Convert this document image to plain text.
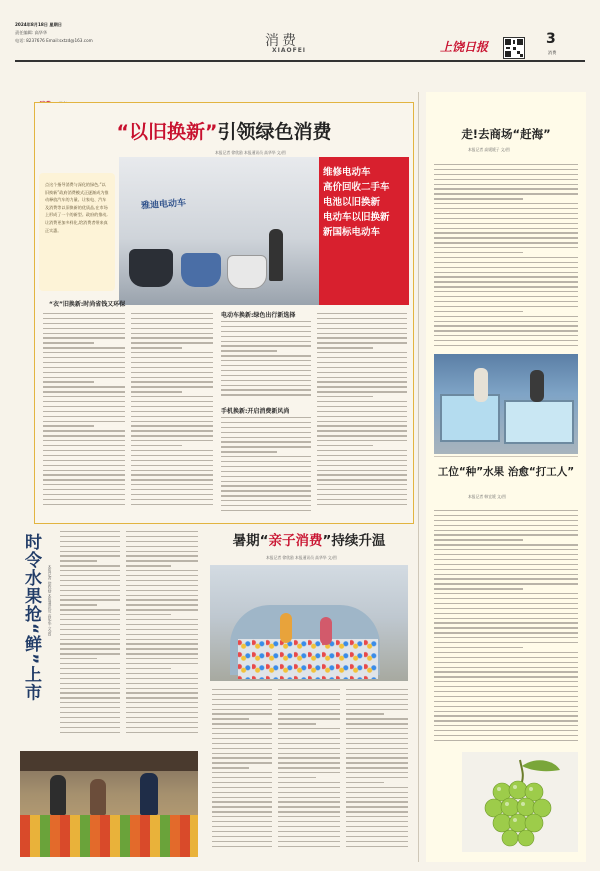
2024年8月18日 星期日
责任编辑: 高华华
电话: 8237676 Email:sxtzd@163.com	消费
XIAOFEI	上饶日报	3
消费

“以旧换新”引领绿色消费
本报记者 徐欣励 本报通讯员 高华华 文/图
点这个指导消费与深化的绿色,“以旧换新”政府消费模式正逐渐成为推动释放汽车的力量。让家电、汽车及消费等以旧换新的优质品,在市场上形成了一个的新型。政府的推动,让消费更加多样化,给消费者带来真正实惠。
雅迪电动车
维修电动车
高价回收二手车
电池以旧换新
电动车以旧换新
新国标电动车
“衣”旧换新:时尚省钱又环保
电动车换新:绿色出行新选择
手机换新:开启消费新风尚
时令水果抢“鲜”上市 本报记者 徐欣励 本报通讯员 高华华 文/图
暑期“亲子消费”持续升温
本报记者 徐欣励 本报通讯员 高华华 文/图
走!去商场“赶海”
本报记者 高媛媛子 文/图
工位“种”水果 治愈“打工人”
本报记者 韩宜媛 文/图
